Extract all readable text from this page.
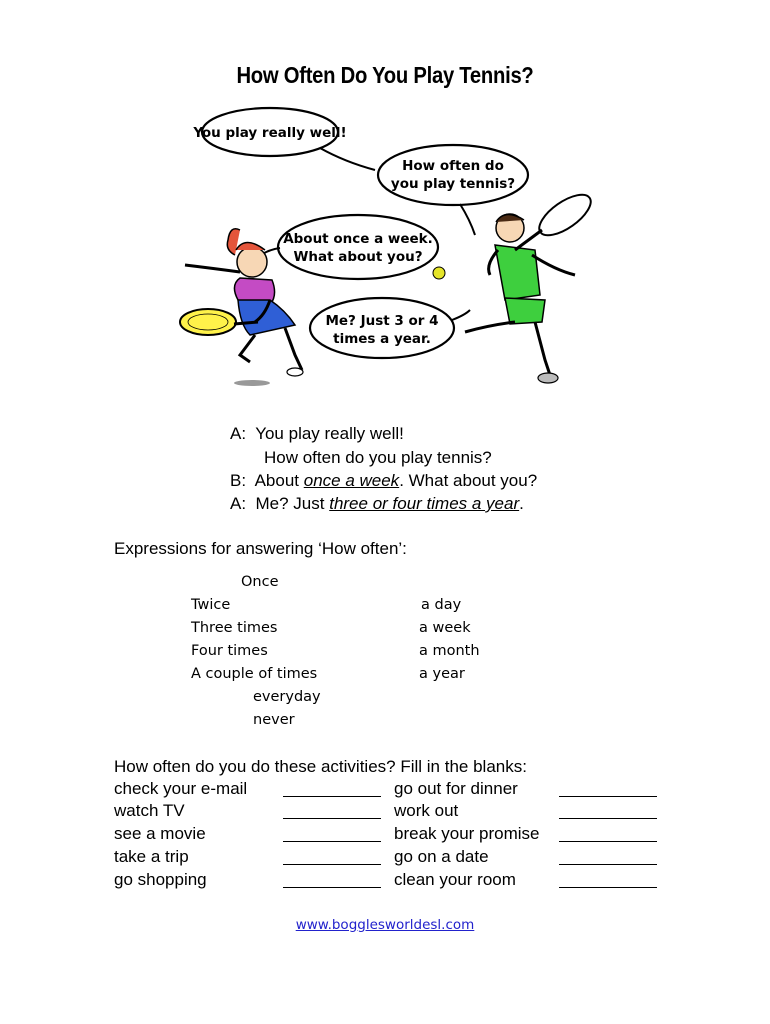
How Often Do You Play Tennis?
You play really well!
How often do
you play tennis?
About once a week.
What about you?
Me? Just 3 or 4
times a year.
A: You play really well!
How often do you play tennis?
B: About once a week. What about you?
A: Me? Just three or four times a year.
Expressions for answering ‘How often’:
Once
Twice
Three times
Four times
A couple of times
a day
a week
a month
a year
everyday
never
How often do you do these activities? Fill in the blanks:
check your e-mail
watch TV
see a movie
take a trip
go shopping
go out for dinner
work out
break your promise
go on a date
clean your room
www.bogglesworldesl.com
